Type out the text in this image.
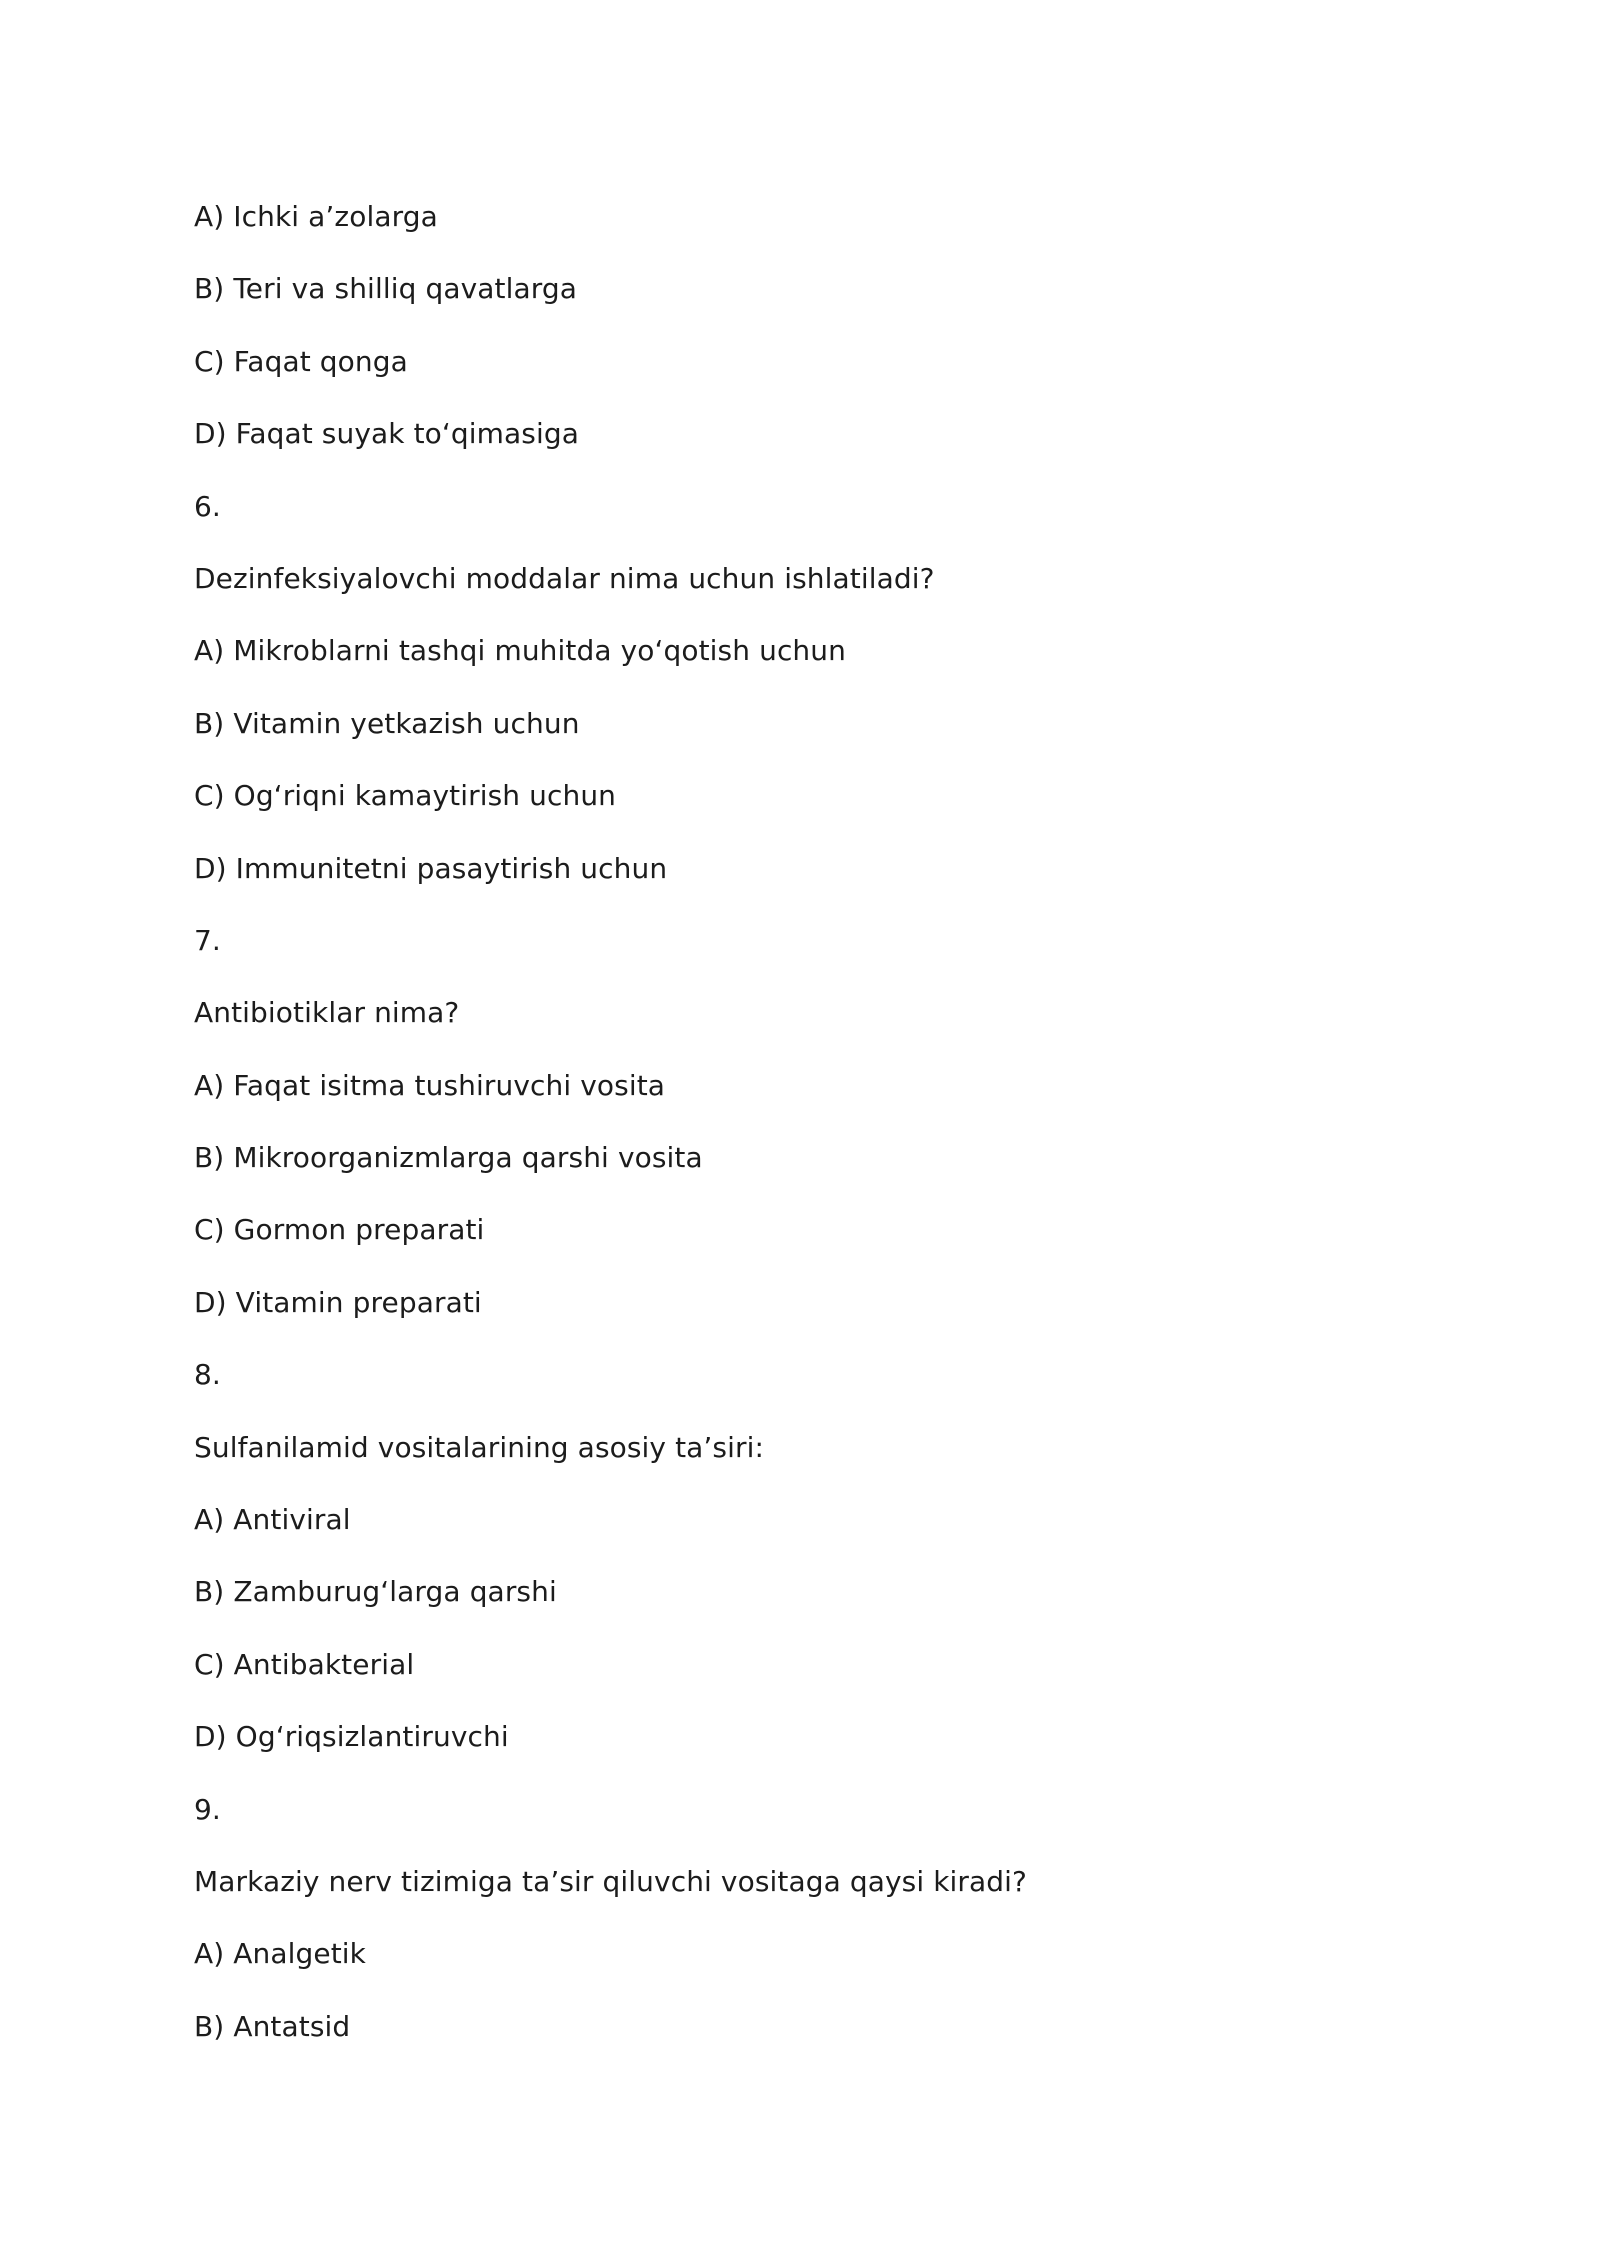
A) Ichki a’zolarga
B) Teri va shilliq qavatlarga
C) Faqat qonga
D) Faqat suyak to‘qimasiga
6.
Dezinfeksiyalovchi moddalar nima uchun ishlatiladi?
A) Mikroblarni tashqi muhitda yo‘qotish uchun
B) Vitamin yetkazish uchun
C) Og‘riqni kamaytirish uchun
D) Immunitetni pasaytirish uchun
7.
Antibiotiklar nima?
A) Faqat isitma tushiruvchi vosita
B) Mikroorganizmlarga qarshi vosita
C) Gormon preparati
D) Vitamin preparati
8.
Sulfanilamid vositalarining asosiy ta’siri:
A) Antiviral
B) Zamburug‘larga qarshi
C) Antibakterial
D) Og‘riqsizlantiruvchi
9.
Markaziy nerv tizimiga ta’sir qiluvchi vositaga qaysi kiradi?
A) Analgetik
B) Antatsid
